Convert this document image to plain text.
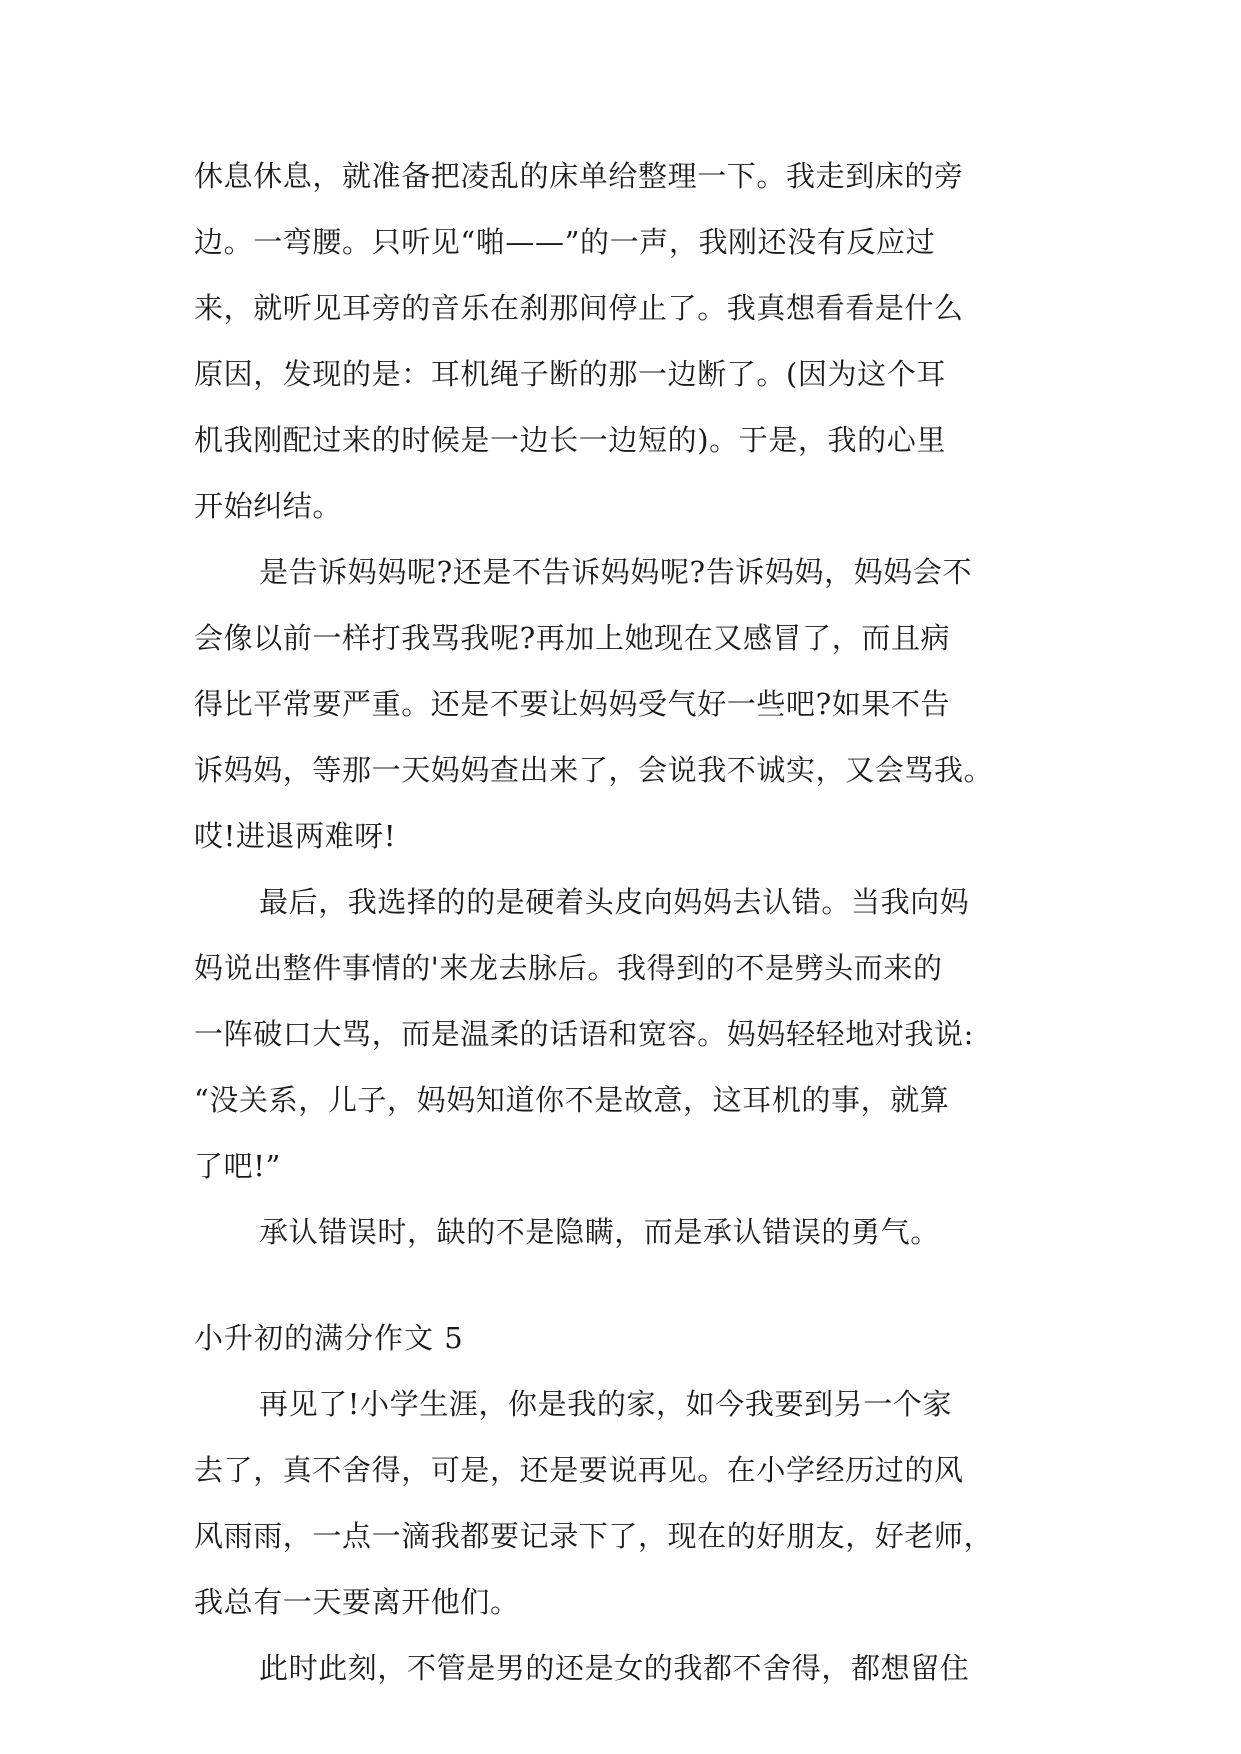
休息休息，就准备把凌乱的床单给整理一下。我走到床的旁
边。一弯腰。只听见“啪——”的一声，我刚还没有反应过
来，就听见耳旁的音乐在刹那间停止了。我真想看看是什么
原因，发现的是：耳机绳子断的那一边断了。(因为这个耳
机我刚配过来的时候是一边长一边短的)。于是，我的心里
开始纠结。
是告诉妈妈呢?还是不告诉妈妈呢?告诉妈妈，妈妈会不
会像以前一样打我骂我呢?再加上她现在又感冒了，而且病
得比平常要严重。还是不要让妈妈受气好一些吧?如果不告
诉妈妈，等那一天妈妈查出来了，会说我不诚实，又会骂我。
哎!进退两难呀!
最后，我选择的的是硬着头皮向妈妈去认错。当我向妈
妈说出整件事情的'来龙去脉后。我得到的不是劈头而来的
一阵破口大骂，而是温柔的话语和宽容。妈妈轻轻地对我说:
“没关系，儿子，妈妈知道你不是故意，这耳机的事，就算
了吧!”
承认错误时，缺的不是隐瞒，而是承认错误的勇气。
小升初的满分作文 5
再见了!小学生涯，你是我的家，如今我要到另一个家
去了，真不舍得，可是，还是要说再见。在小学经历过的风
风雨雨，一点一滴我都要记录下了，现在的好朋友，好老师，
我总有一天要离开他们。
此时此刻，不管是男的还是女的我都不舍得，都想留住
